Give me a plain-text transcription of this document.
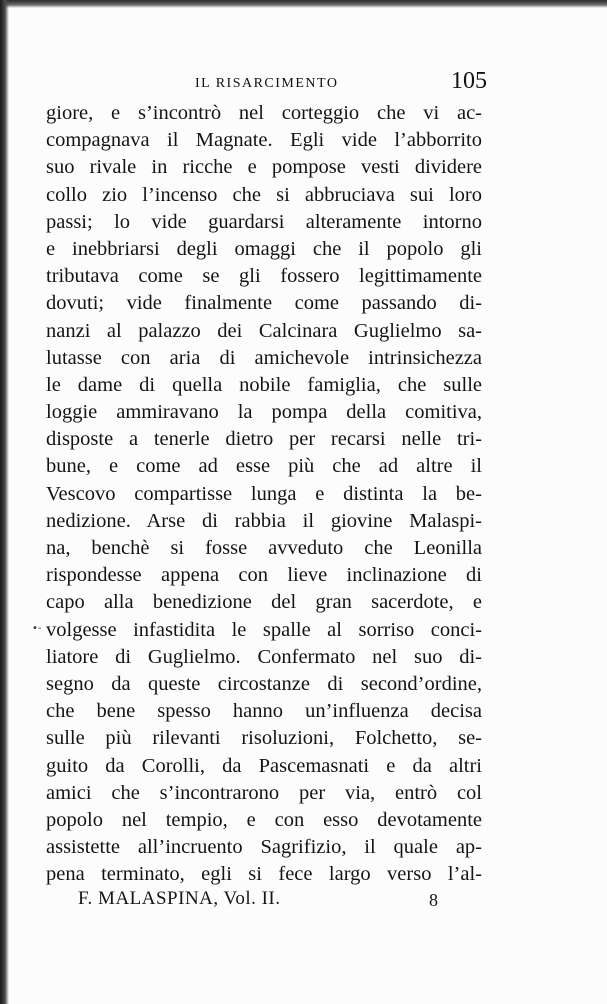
IL RISARCIMENTO	105
giore, e s’incontrò nel corteggio che vi ac-
compagnava il Magnate. Egli vide l’abborrito
suo rivale in ricche e pompose vesti dividere
collo zio l’incenso che si abbruciava sui loro
passi; lo vide guardarsi alteramente intorno
e inebbriarsi degli omaggi che il popolo gli
tributava come se gli fossero legittimamente
dovuti; vide finalmente come passando di-
nanzi al palazzo dei Calcinara Guglielmo sa-
lutasse con aria di amichevole intrinsichezza
le dame di quella nobile famiglia, che sulle
loggie ammiravano la pompa della comitiva,
disposte a tenerle dietro per recarsi nelle tri-
bune, e come ad esse più che ad altre il
Vescovo compartisse lunga e distinta la be-
nedizione. Arse di rabbia il giovine Malaspi-
na, benchè si fosse avveduto che Leonilla
rispondesse appena con lieve inclinazione di
capo alla benedizione del gran sacerdote, e
volgesse infastidita le spalle al sorriso conci-
liatore di Guglielmo. Confermato nel suo di-
segno da queste circostanze di second’ordine,
che bene spesso hanno un’influenza decisa
sulle più rilevanti risoluzioni, Folchetto, se-
guito da Corolli, da Pascemasnati e da altri
amici che s’incontrarono per via, entrò col
popolo nel tempio, e con esso devotamente
assistette all’incruento Sagrifizio, il quale ap-
pena terminato, egli si fece largo verso l’al-
•-
F. MALASPINA, Vol. II.	8
